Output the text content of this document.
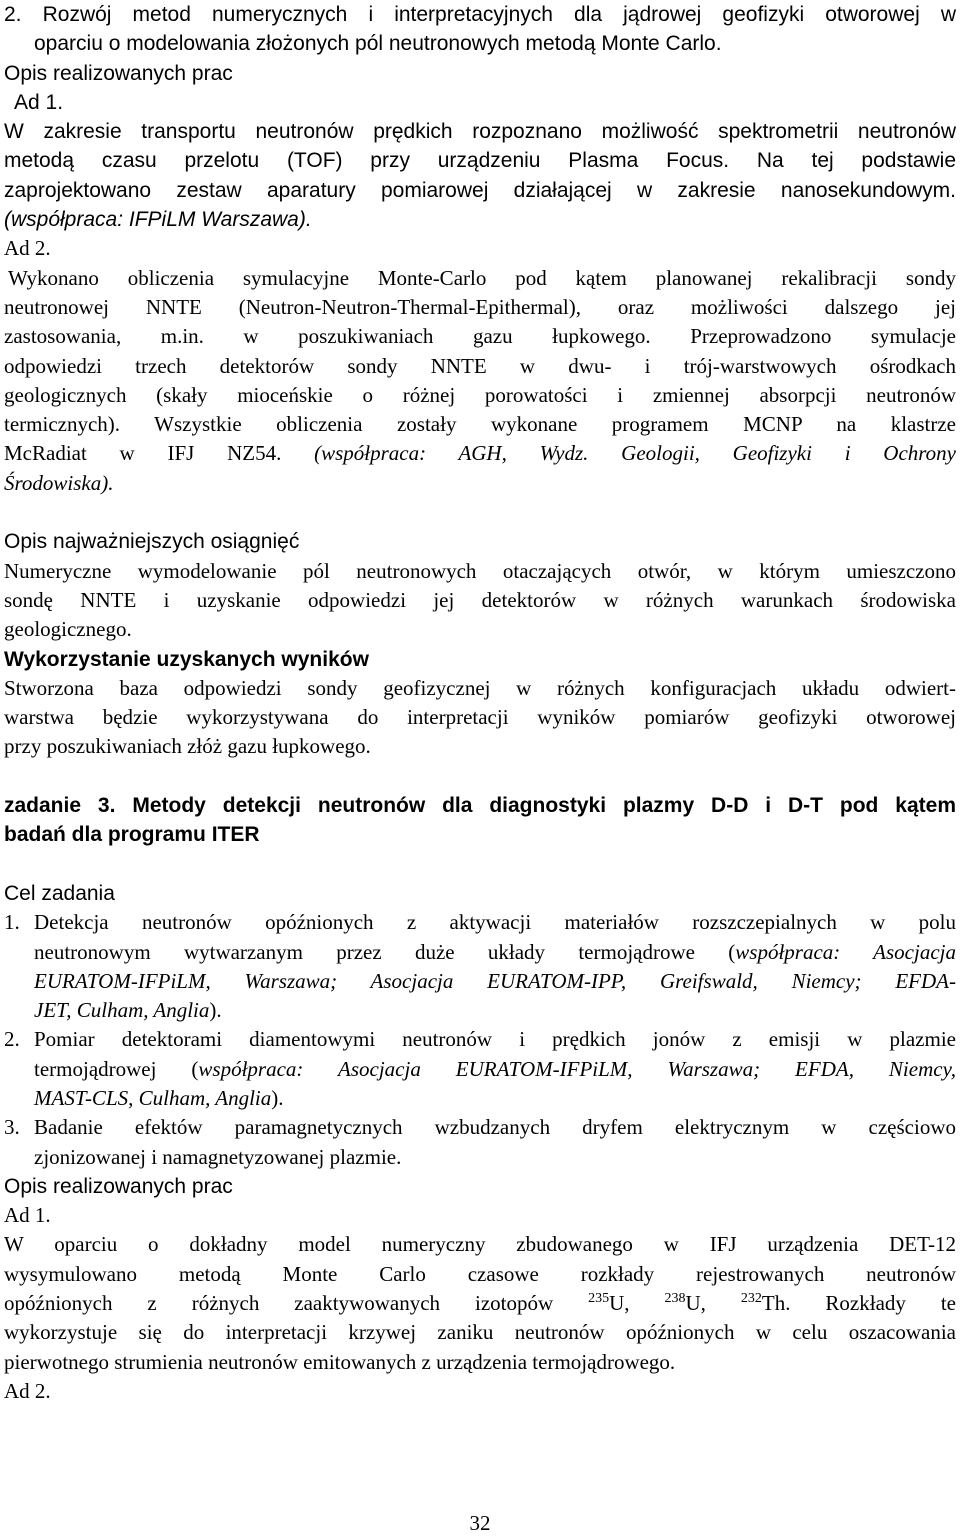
2. Rozwój metod numerycznych i interpretacyjnych dla jądrowej geofizyki otworowej w

oparciu o modelowania złożonych pól neutronowych metodą Monte Carlo.

Opis realizowanych prac

Ad 1.

W zakresie transportu neutronów prędkich rozpoznano możliwość spektrometrii neutronów

metodą czasu przelotu (TOF) przy urządzeniu Plasma Focus. Na tej podstawie

zaprojektowano zestaw aparatury pomiarowej działającej w zakresie nanosekundowym.

(współpraca: IFPiLM Warszawa).

Ad 2.

Wykonano obliczenia symulacyjne Monte-Carlo pod kątem planowanej rekalibracji sondy

neutronowej NNTE (Neutron-Neutron-Thermal-Epithermal), oraz możliwości dalszego jej

zastosowania, m.in. w poszukiwaniach gazu łupkowego. Przeprowadzono symulacje

odpowiedzi trzech detektorów sondy NNTE w dwu- i trój-warstwowych ośrodkach

geologicznych (skały mioceńskie o różnej porowatości i zmiennej absorpcji neutronów

termicznych). Wszystkie obliczenia zostały wykonane programem MCNP na klastrze

McRadiat w IFJ NZ54. (współpraca: AGH, Wydz. Geologii, Geofizyki i Ochrony

Środowiska).

Opis najważniejszych osiągnięć

Numeryczne wymodelowanie pól neutronowych otaczających otwór, w którym umieszczono

sondę NNTE i uzyskanie odpowiedzi jej detektorów w różnych warunkach środowiska

geologicznego.

Wykorzystanie uzyskanych wyników

Stworzona baza odpowiedzi sondy geofizycznej w różnych konfiguracjach układu odwiert-

warstwa będzie wykorzystywana do interpretacji wyników pomiarów geofizyki otworowej

przy poszukiwaniach złóż gazu łupkowego.

zadanie 3. Metody detekcji neutronów dla diagnostyki plazmy D-D i D-T pod kątem

badań dla programu ITER

Cel zadania

1. Detekcja neutronów opóźnionych z aktywacji materiałów rozszczepialnych w polu

neutronowym wytwarzanym przez duże układy termojądrowe (współpraca: Asocjacja

EURATOM-IFPiLM, Warszawa; Asocjacja EURATOM-IPP, Greifswald, Niemcy; EFDA-

JET, Culham, Anglia).

2. Pomiar detektorami diamentowymi neutronów i prędkich jonów z emisji w plazmie

termojądrowej (współpraca: Asocjacja EURATOM-IFPiLM, Warszawa; EFDA, Niemcy,

MAST-CLS, Culham, Anglia).

3. Badanie efektów paramagnetycznych wzbudzanych dryfem elektrycznym w częściowo

zjonizowanej i namagnetyzowanej plazmie.

Opis realizowanych prac

Ad 1.

W oparciu o dokładny model numeryczny zbudowanego w IFJ urządzenia DET-12

wysymulowano metodą Monte Carlo czasowe rozkłady rejestrowanych neutronów

opóźnionych z różnych zaaktywowanych izotopów $^{235}$U, $^{238}$U, $^{232}$Th. Rozkłady te

wykorzystuje się do interpretacji krzywej zaniku neutronów opóźnionych w celu oszacowania

pierwotnego strumienia neutronów emitowanych z urządzenia termojądrowego.

Ad 2.

32
